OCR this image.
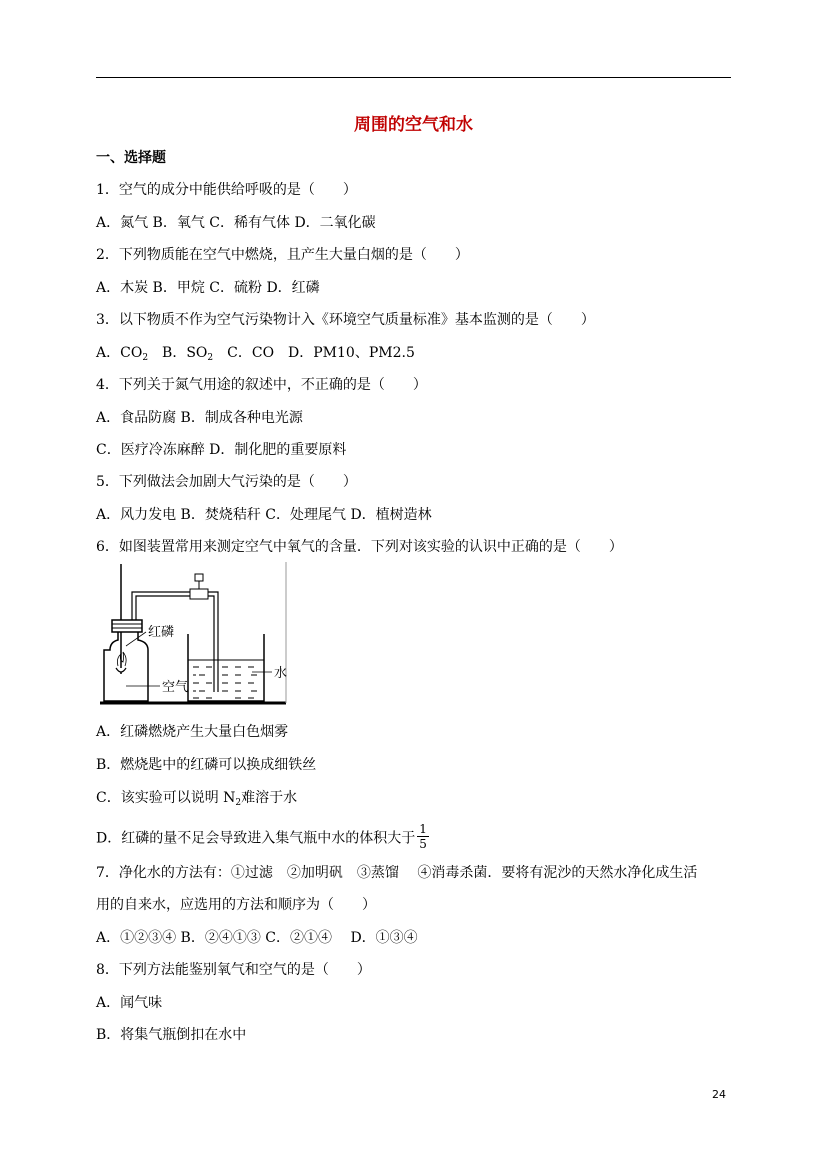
周围的空气和水
一、选择题
1．空气的成分中能供给呼吸的是（　　）
A．氮气 B．氧气 C．稀有气体 D．二氧化碳
2．下列物质能在空气中燃烧，且产生大量白烟的是（　　）
A．木炭 B．甲烷 C．硫粉 D．红磷
3．以下物质不作为空气污染物计入《环境空气质量标准》基本监测的是（　　）
A．$CO_2$　B．$SO_2$　C．CO　D．PM10、PM2.5
4．下列关于氮气用途的叙述中，不正确的是（　　）
A．食品防腐 B．制成各种电光源
C．医疗冷冻麻醉 D．制化肥的重要原料
5．下列做法会加剧大气污染的是（　　）
A．风力发电 B．焚烧秸秆 C．处理尾气 D．植树造林
6．如图装置常用来测定空气中氧气的含量．下列对该实验的认识中正确的是（　　）
红磷
空气
水
A．红磷燃烧产生大量白色烟雾
B．燃烧匙中的红磷可以换成细铁丝
C．该实验可以说明 $N_2$难溶于水
D．红磷的量不足会导致进入集气瓶中水的体积大于 $\frac{1}{5}$
7．净化水的方法有：①过滤　②加明矾　③蒸馏　 ④消毒杀菌．要将有泥沙的天然水净化成生活
用的自来水，应选用的方法和顺序为（　　）
A．①②③④ B．②④①③ C．②①④　 D．①③④
8．下列方法能鉴别氧气和空气的是（　　）
A．闻气味
B．将集气瓶倒扣在水中
24
